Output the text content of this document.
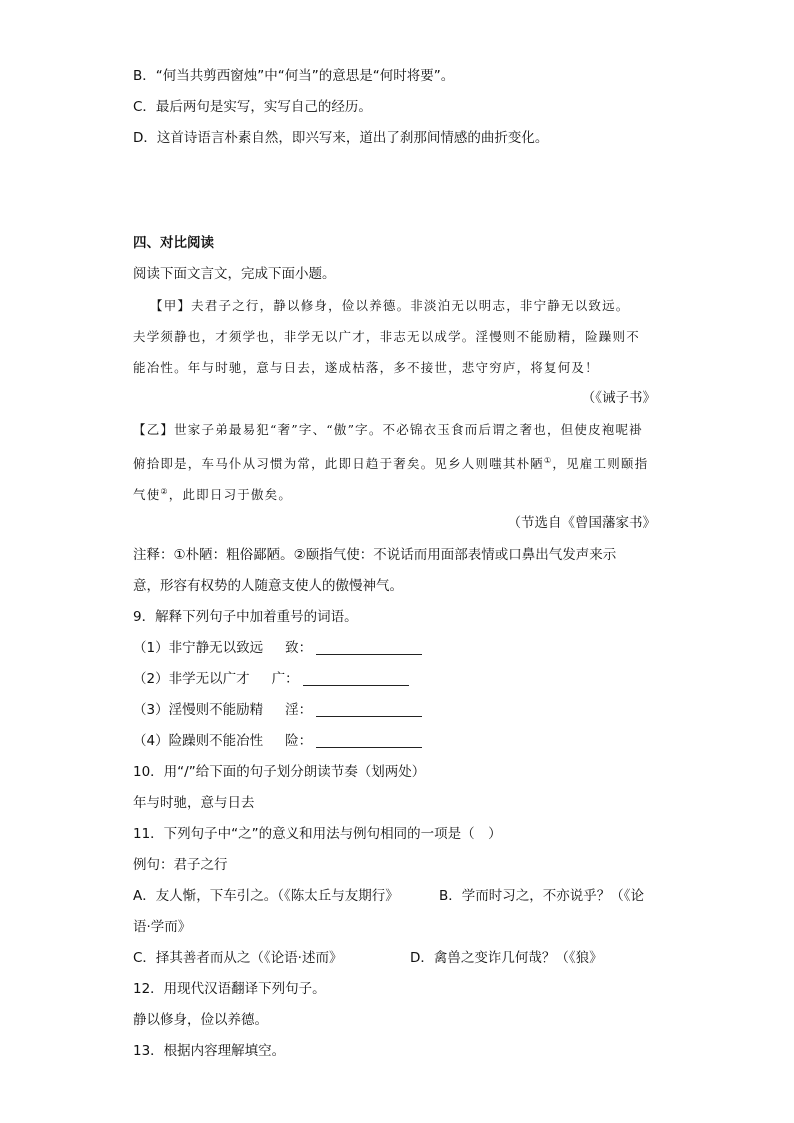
B．“何当共剪西窗烛”中“何当”的意思是“何时将要”。
C．最后两句是实写，实写自己的经历。
D．这首诗语言朴素自然，即兴写来，道出了刹那间情感的曲折变化。
四、对比阅读
阅读下面文言文，完成下面小题。
【甲】夫君子之行，静以修身，俭以养德。非淡泊无以明志，非宁静无以致远。
夫学须静也，才须学也，非学无以广才，非志无以成学。淫慢则不能励精，险躁则不
能冶性。年与时驰，意与日去，遂成枯落，多不接世，悲守穷庐，将复何及！
（《诫子书》
【乙】世家子弟最易犯“奢”字、“傲”字。不必锦衣玉食而后谓之奢也，但使皮袍呢褂
俯拾即是，车马仆从习惯为常，此即日趋于奢矣。见乡人则嗤其朴陋①，见雇工则颐指
气使②，此即日习于傲矣。
（节选自《曾国藩家书》
注释：①朴陋：粗俗鄙陋。②颐指气使：不说话而用面部表情或口鼻出气发声来示
意，形容有权势的人随意支使人的傲慢神气。
9．解释下列句子中加着重号的词语。
（1）非宁静无以致远 致：
（2）非学无以广才 广：
（3）淫慢则不能励精 淫：
（4）险躁则不能冶性 险：
10．用“/”给下面的句子划分朗读节奏（划两处）
年与时驰，意与日去
11．下列句子中“之”的意义和用法与例句相同的一项是（　）
例句：君子之行
A．友人惭，下车引之。（《陈太丘与友期行》	B．学而时习之，不亦说乎？（《论
语·学而》
C．择其善者而从之（《论语·述而》	D．禽兽之变诈几何哉？（《狼》
12．用现代汉语翻译下列句子。
静以修身，俭以养德。
13．根据内容理解填空。
